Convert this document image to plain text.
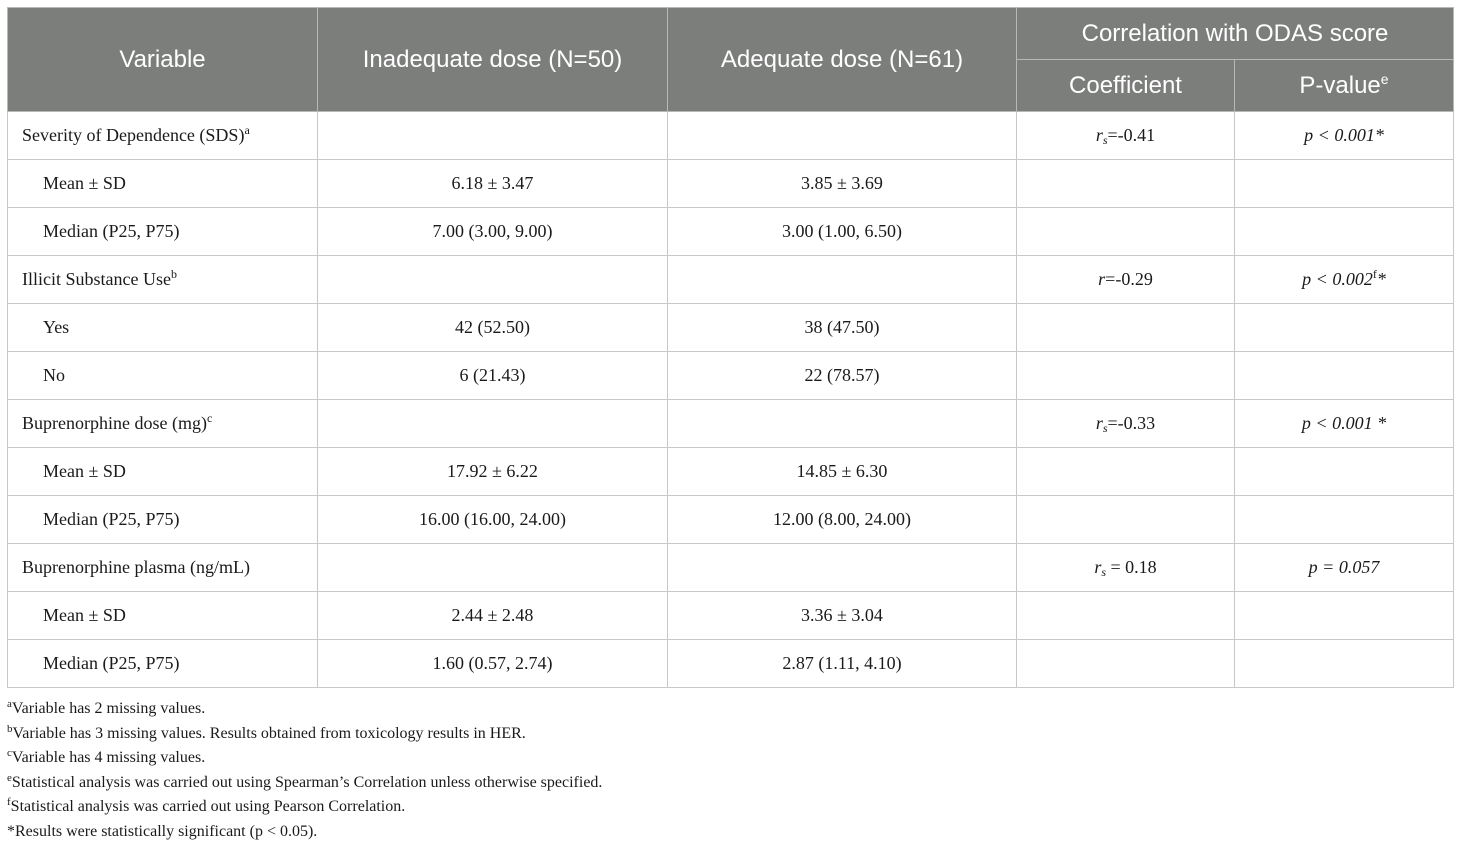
Variable	Inadequate dose (N=50)	Adequate dose (N=61)	Correlation with ODAS score	
			Coefficient	P-value$^e$
Severity of Dependence (SDS)$^a$			$r_s=-0.41$	p < 0.001*
Mean ± SD	6.18 ± 3.47	3.85 ± 3.69		
Median (P25, P75)	7.00 (3.00, 9.00)	3.00 (1.00, 6.50)		
Illicit Substance Use$^b$			r=-0.29	p < 0.002$^f$*
Yes	42 (52.50)	38 (47.50)		
No	6 (21.43)	22 (78.57)		
Buprenorphine dose (mg)$^c$			$r_s=-0.33$	p < 0.001 *
Mean ± SD	17.92 ± 6.22	14.85 ± 6.30		
Median (P25, P75)	16.00 (16.00, 24.00)	12.00 (8.00, 24.00)		
Buprenorphine plasma (ng/mL)			$r_s = 0.18$	p = 0.057
Mean ± SD	2.44 ± 2.48	3.36 ± 3.04		
Median (P25, P75)	1.60 (0.57, 2.74)	2.87 (1.11, 4.10)		
$^a$Variable has 2 missing values.
$^b$Variable has 3 missing values. Results obtained from toxicology results in HER.
$^c$Variable has 4 missing values.
$^e$Statistical analysis was carried out using Spearman’s Correlation unless otherwise specified.
$^f$Statistical analysis was carried out using Pearson Correlation.
*Results were statistically significant (p < 0.05).
